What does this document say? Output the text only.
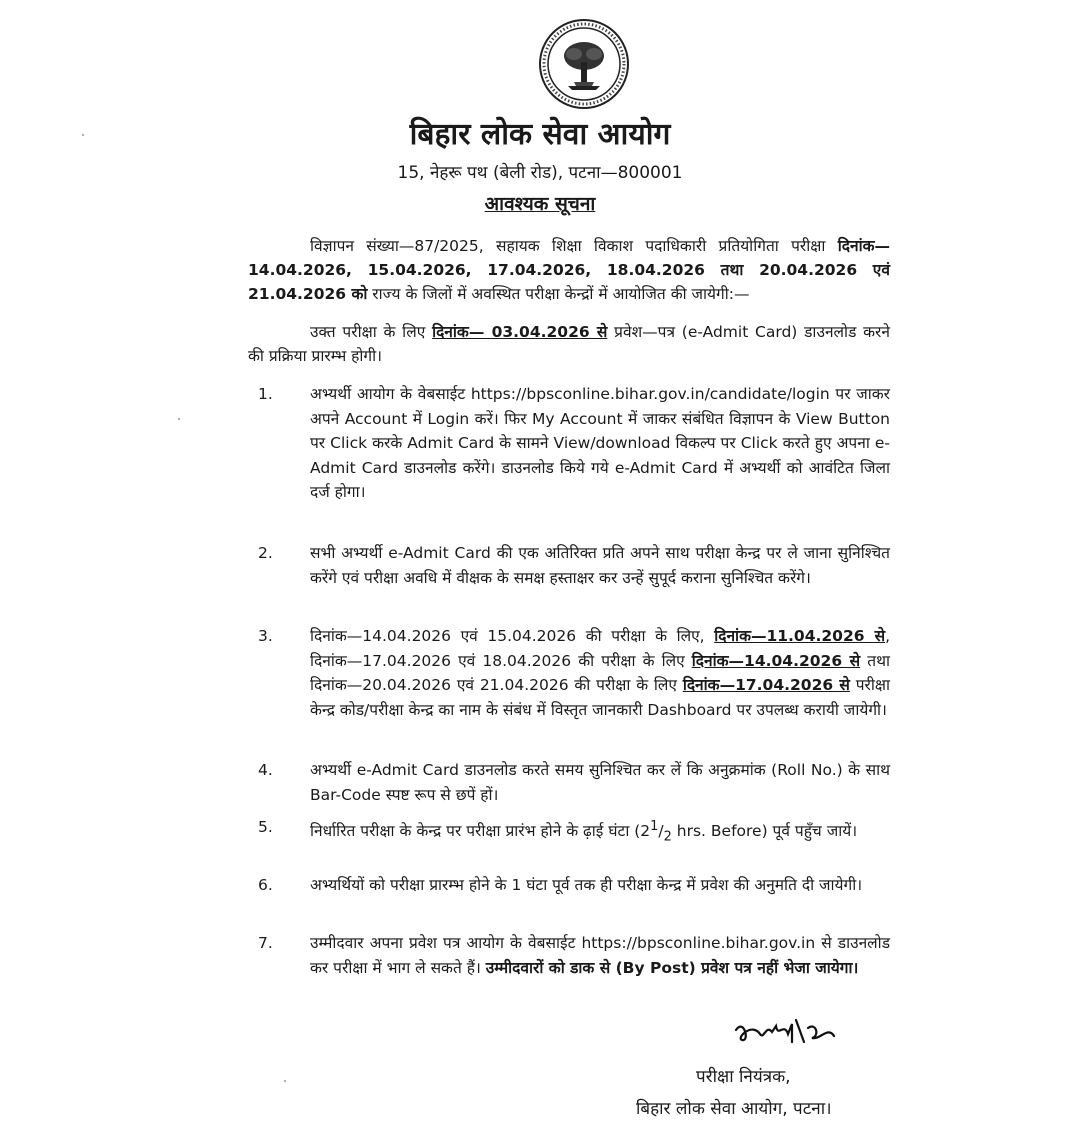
बिहार लोक सेवा आयोग
15, नेहरू पथ (बेली रोड), पटना—800001
आवश्यक सूचना
विज्ञापन संख्या—87/2025, सहायक शिक्षा विकाश पदाधिकारी प्रतियोगिता परीक्षा दिनांक—14.04.2026, 15.04.2026, 17.04.2026, 18.04.2026 तथा 20.04.2026 एवं 21.04.2026 को राज्य के जिलों में अवस्थित परीक्षा केन्द्रों में आयोजित की जायेगी:—
उक्त परीक्षा के लिए दिनांक— 03.04.2026 से प्रवेश—पत्र (e-Admit Card) डाउनलोड करने की प्रक्रिया प्रारम्भ होगी।
1.	अभ्यर्थी आयोग के वेबसाईट https://bpsconline.bihar.gov.in/candidate/login पर जाकर अपने Account में Login करें। फिर My Account में जाकर संबंधित विज्ञापन के View Button पर Click करके Admit Card के सामने View/download विकल्प पर Click करते हुए अपना e-Admit Card डाउनलोड करेंगे। डाउनलोड किये गये e-Admit Card में अभ्यर्थी को आवंटित जिला दर्ज होगा।
2.	सभी अभ्यर्थी e-Admit Card की एक अतिरिक्त प्रति अपने साथ परीक्षा केन्द्र पर ले जाना सुनिश्चित करेंगे एवं परीक्षा अवधि में वीक्षक के समक्ष हस्ताक्षर कर उन्हें सुपूर्द कराना सुनिश्चित करेंगे।
3.	दिनांक—14.04.2026 एवं 15.04.2026 की परीक्षा के लिए, दिनांक—11.04.2026 से, दिनांक—17.04.2026 एवं 18.04.2026 की परीक्षा के लिए दिनांक—14.04.2026 से तथा दिनांक—20.04.2026 एवं 21.04.2026 की परीक्षा के लिए दिनांक—17.04.2026 से परीक्षा केन्द्र कोड/परीक्षा केन्द्र का नाम के संबंध में विस्तृत जानकारी Dashboard पर उपलब्ध करायी जायेगी।
4.	अभ्यर्थी e-Admit Card डाउनलोड करते समय सुनिश्चित कर लें कि अनुक्रमांक (Roll No.) के साथ Bar-Code स्पष्ट रूप से छपें हों।
5.	निर्धारित परीक्षा के केन्द्र पर परीक्षा प्रारंभ होने के ढ़ाई घंटा ($2^1/_2$ hrs. Before) पूर्व पहुँच जायें।
6.	अभ्यर्थियों को परीक्षा प्रारम्भ होने के 1 घंटा पूर्व तक ही परीक्षा केन्द्र में प्रवेश की अनुमति दी जायेगी।
7.	उम्मीदवार अपना प्रवेश पत्र आयोग के वेबसाईट https://bpsconline.bihar.gov.in से डाउनलोड कर परीक्षा में भाग ले सकते हैं। उम्मीदवारों को डाक से (By Post) प्रवेश पत्र नहीं भेजा जायेगा।
परीक्षा नियंत्रक,
बिहार लोक सेवा आयोग, पटना।
